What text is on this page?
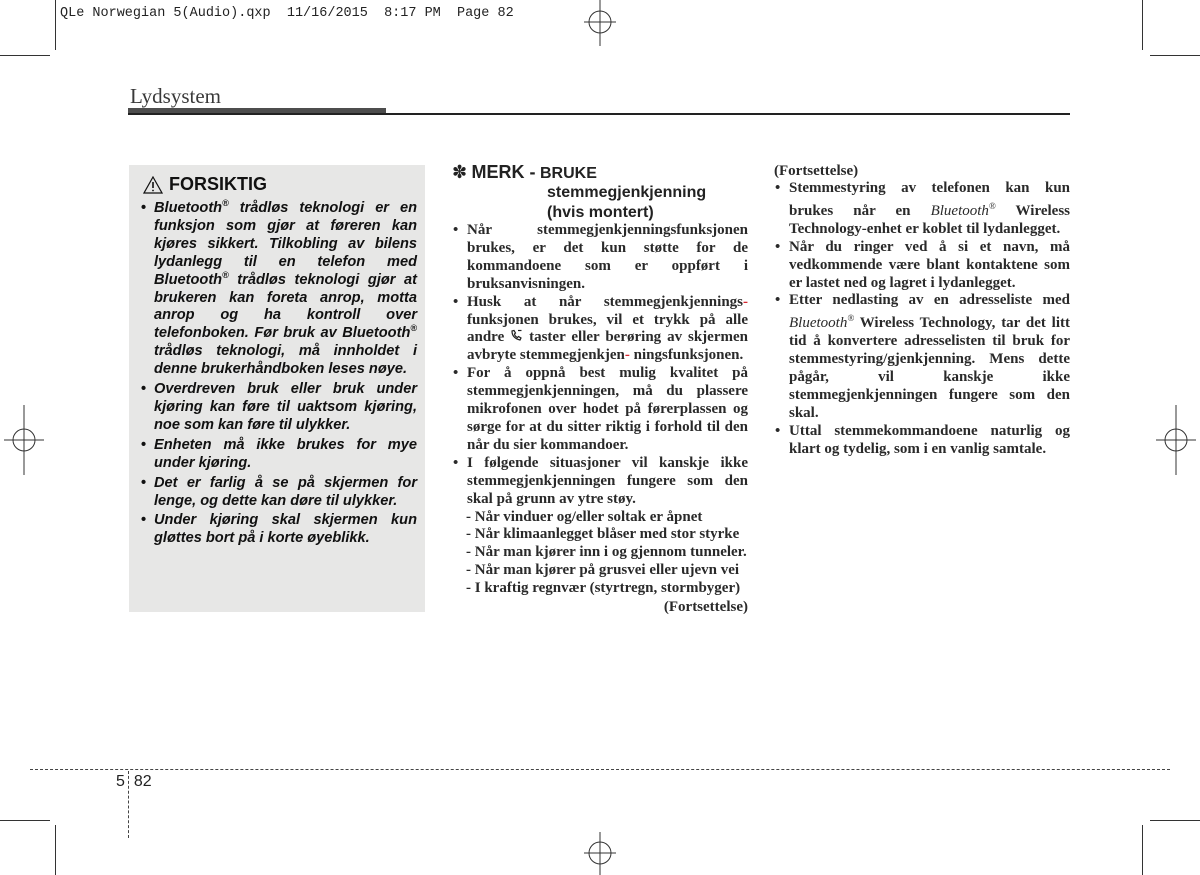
QLe Norwegian 5(Audio).qxp 11/16/2015 8:17 PM Page 82
Lydsystem
FORSIKTIG
• Bluetooth® trådløs teknologi er en funksjon som gjør at føreren kan kjøres sikkert. Tilkobling av bilens lydanlegg til en telefon med Bluetooth® trådløs teknologi gjør at brukeren kan foreta anrop, motta anrop og ha kontroll over telefonboken. Før bruk av Bluetooth® trådløs teknologi, må innholdet i denne brukerhåndboken leses nøye.
• Overdreven bruk eller bruk under kjøring kan føre til uaktsom kjøring, noe som kan føre til ulykker.
• Enheten må ikke brukes for mye under kjøring.
• Det er farlig å se på skjermen for lenge, og dette kan døre til ulykker.
• Under kjøring skal skjermen kun gløttes bort på i korte øyeblikk.
✽ MERK - BRUKE
stemmegjenkjenning
(hvis montert)
• Når stemmegjenkjenningsfunksjonen brukes, er det kun støtte for de kommandoene som er oppført i bruksanvisningen.
• Husk at når stemmegjenkjennings- funksjonen brukes, vil et trykk på alle andre taster eller berøring av skjermen avbryte stemmegjenkjen- ningsfunksjonen.
• For å oppnå best mulig kvalitet på stemmegjenkjenningen, må du plassere mikrofonen over hodet på førerplassen og sørge for at du sitter riktig i forhold til den når du sier kommandoer.
• I følgende situasjoner vil kanskje ikke stemmegjenkjenningen fungere som den skal på grunn av ytre støy.
- Når vinduer og/eller soltak er åpnet
- Når klimaanlegget blåser med stor styrke
- Når man kjører inn i og gjennom tunneler.
- Når man kjører på grusvei eller ujevn vei
- I kraftig regnvær (styrtregn, stormbyger)
(Fortsettelse)
(Fortsettelse)
• Stemmestyring av telefonen kan kun brukes når en Bluetooth® Wireless Technology-enhet er koblet til lydanlegget.
• Når du ringer ved å si et navn, må vedkommende være blant kontaktene som er lastet ned og lagret i lydanlegget.
• Etter nedlasting av en adresseliste med Bluetooth® Wireless Technology, tar det litt tid å konvertere adresselisten til bruk for stemmestyring/gjenkjenning. Mens dette pågår, vil kanskje ikke stemmegjenkjenningen fungere som den skal.
• Uttal stemmekommandoene naturlig og klart og tydelig, som i en vanlig samtale.
5 82
